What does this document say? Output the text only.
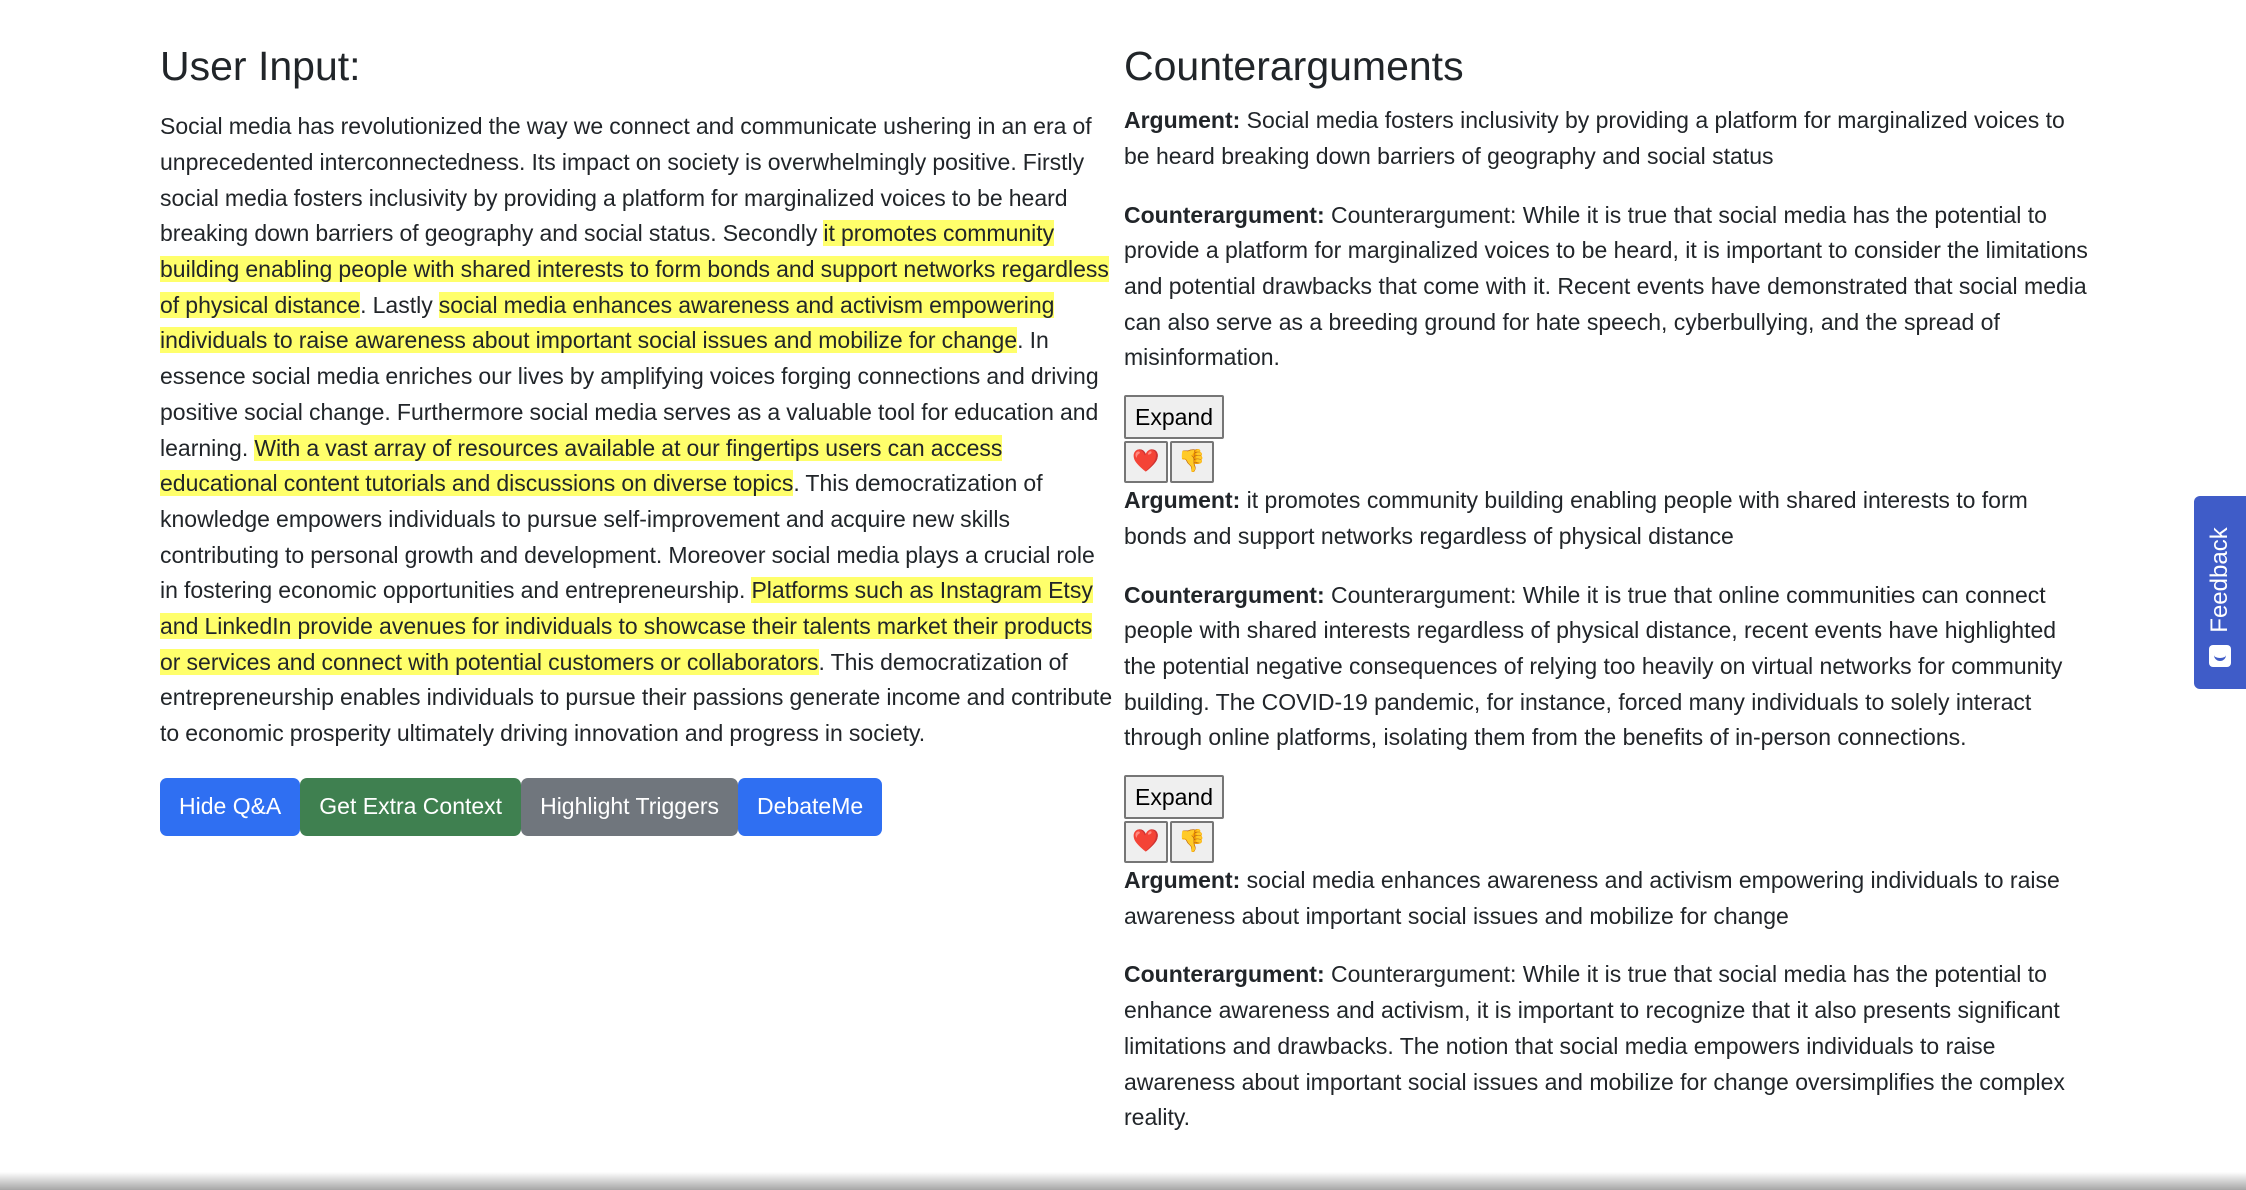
User Input:

Social media has revolutionized the way we connect and communicate ushering in an era of unprecedented interconnectedness. Its impact on society is overwhelmingly positive. Firstly social media fosters inclusivity by providing a platform for marginalized voices to be heard breaking down barriers of geography and social status. Secondly it promotes community building enabling people with shared interests to form bonds and support networks regardless of physical distance. Lastly social media enhances awareness and activism empowering individuals to raise awareness about important social issues and mobilize for change. In essence social media enriches our lives by amplifying voices forging connections and driving positive social change. Furthermore social media serves as a valuable tool for education and learning. With a vast array of resources available at our fingertips users can access educational content tutorials and discussions on diverse topics. This democratization of knowledge empowers individuals to pursue self-improvement and acquire new skills contributing to personal growth and development. Moreover social media plays a crucial role in fostering economic opportunities and entrepreneurship. Platforms such as Instagram Etsy and LinkedIn provide avenues for individuals to showcase their talents market their products or services and connect with potential customers or collaborators. This democratization of entrepreneurship enables individuals to pursue their passions generate income and contribute to economic prosperity ultimately driving innovation and progress in society.

Hide Q&A	Get Extra Context	Highlight Triggers	DebateMe
Counterarguments

Argument: Social media fosters inclusivity by providing a platform for marginalized voices to be heard breaking down barriers of geography and social status

Counterargument: Counterargument: While it is true that social media has the potential to provide a platform for marginalized voices to be heard, it is important to consider the limitations and potential drawbacks that come with it. Recent events have demonstrated that social media can also serve as a breeding ground for hate speech, cyberbullying, and the spread of misinformation.

Expand
❤️ 👎

Argument: it promotes community building enabling people with shared interests to form bonds and support networks regardless of physical distance

Counterargument: Counterargument: While it is true that online communities can connect people with shared interests regardless of physical distance, recent events have highlighted the potential negative consequences of relying too heavily on virtual networks for community building. The COVID-19 pandemic, for instance, forced many individuals to solely interact through online platforms, isolating them from the benefits of in-person connections.

Expand
❤️ 👎

Argument: social media enhances awareness and activism empowering individuals to raise awareness about important social issues and mobilize for change

Counterargument: Counterargument: While it is true that social media has the potential to enhance awareness and activism, it is important to recognize that it also presents significant limitations and drawbacks. The notion that social media empowers individuals to raise awareness about important social issues and mobilize for change oversimplifies the complex reality.

Feedback
